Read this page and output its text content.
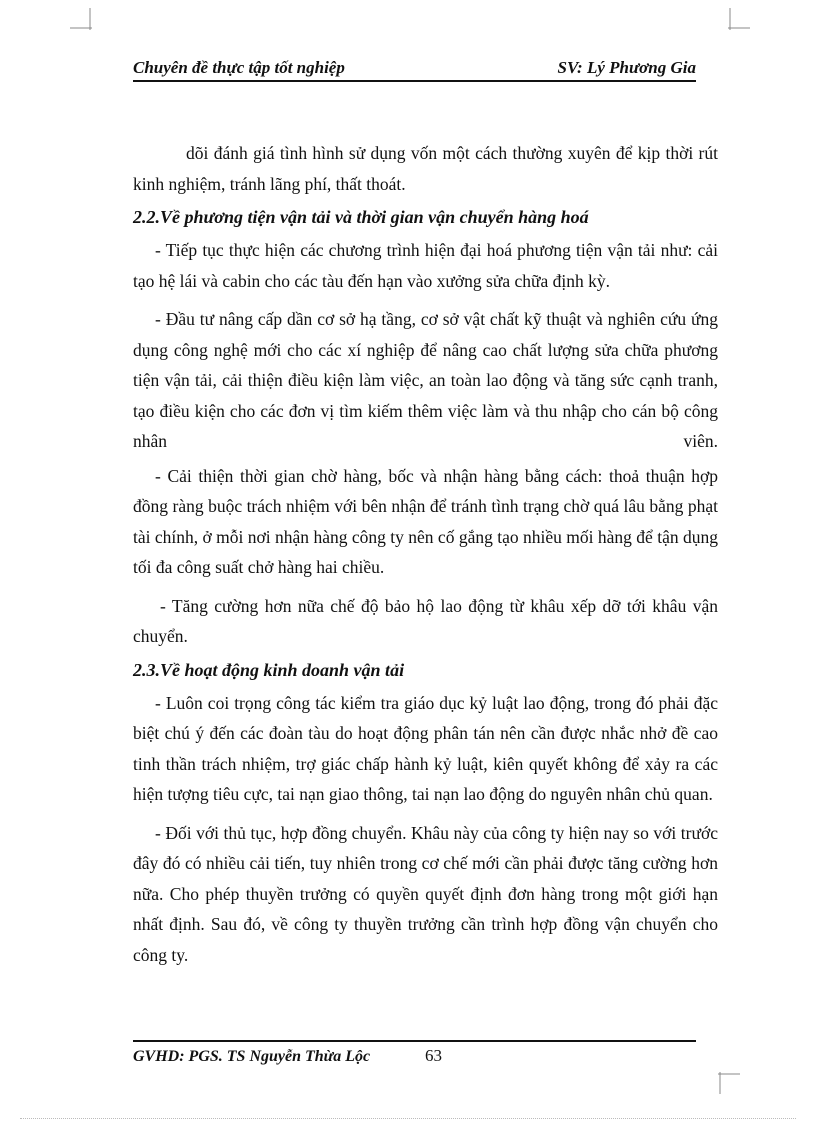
Chuyên đề thực tập tốt nghiệp	SV: Lý Phương Gia

dõi đánh giá tình hình sử dụng vốn một cách thường xuyên để kịp thời rút kinh nghiệm, tránh lãng phí, thất thoát.

2.2.Về phương tiện vận tải và thời gian vận chuyển hàng hoá

- Tiếp tục thực hiện các chương trình hiện đại hoá phương tiện vận tải như: cải tạo hệ lái và cabin cho các tàu đến hạn vào xưởng sửa chữa định kỳ.

- Đầu tư nâng cấp dần cơ sở hạ tầng, cơ sở vật chất kỹ thuật và nghiên cứu ứng dụng công nghệ mới cho các xí nghiệp để nâng cao chất lượng sửa chữa phương tiện vận tải, cải thiện điều kiện làm việc, an toàn lao động và tăng sức cạnh tranh, tạo điều kiện cho các đơn vị tìm kiếm thêm việc làm và thu nhập cho cán bộ công nhân viên.

- Cải thiện thời gian chờ hàng, bốc và nhận hàng bằng cách: thoả thuận hợp đồng ràng buộc trách nhiệm với bên nhận để tránh tình trạng chờ quá lâu bằng phạt tài chính, ở mỗi nơi nhận hàng công ty nên cố gắng tạo nhiều mối hàng để tận dụng tối đa công suất chở hàng hai chiều.

- Tăng cường hơn nữa chế độ bảo hộ lao động từ khâu xếp dỡ tới khâu vận chuyển.

2.3.Về hoạt động kinh doanh vận tải

- Luôn coi trọng công tác kiểm tra giáo dục kỷ luật lao động, trong đó phải đặc biệt chú ý đến các đoàn tàu do hoạt động phân tán nên cần được nhắc nhở đề cao tinh thần trách nhiệm, trợ giác chấp hành kỷ luật, kiên quyết không để xảy ra các hiện tượng tiêu cực, tai nạn giao thông, tai nạn lao động do nguyên nhân chủ quan.

- Đối với thủ tục, hợp đồng chuyển. Khâu này của công ty hiện nay so với trước đây đó có nhiều cải tiến, tuy nhiên trong cơ chế mới cần phải được tăng cường hơn nữa. Cho phép thuyền trưởng có quyền quyết định đơn hàng trong một giới hạn nhất định. Sau đó, về công ty thuyền trưởng cần trình hợp đồng vận chuyển cho công ty.

GVHD: PGS. TS Nguyễn Thừa Lộc	63
